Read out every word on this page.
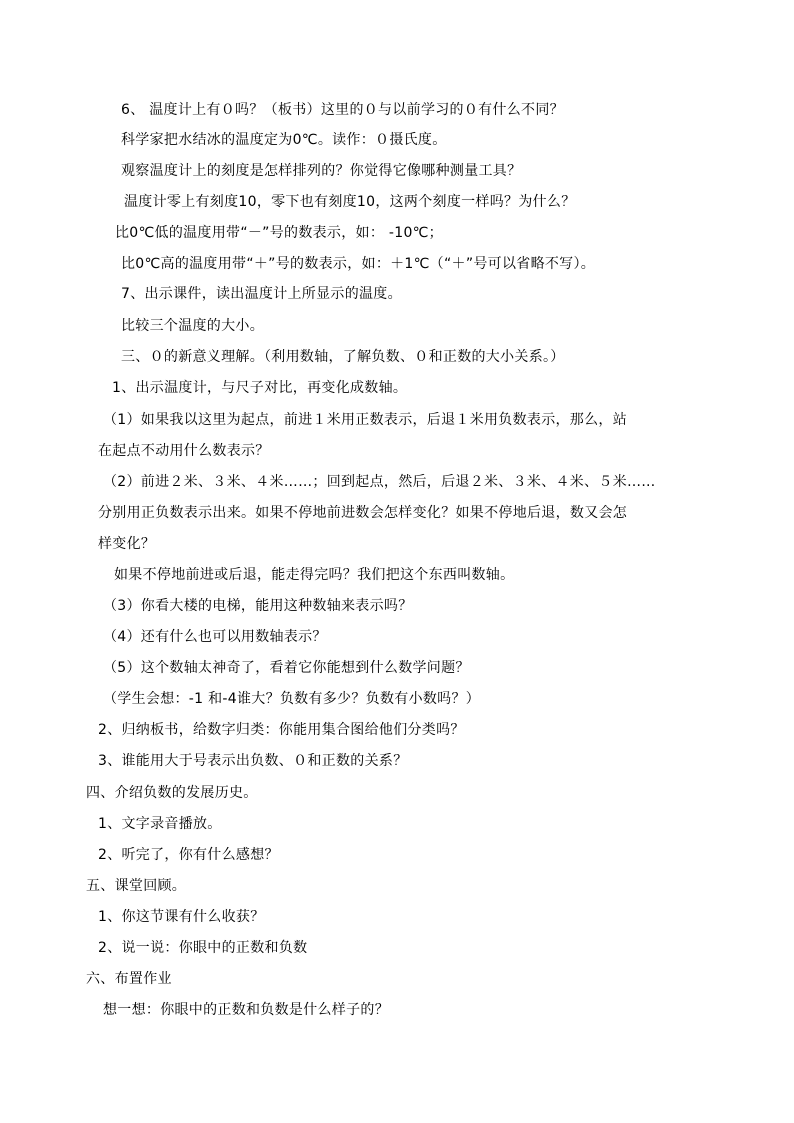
6、 温度计上有０吗？（板书）这里的０与以前学习的０有什么不同？
科学家把水结冰的温度定为0℃。读作：０摄氏度。
观察温度计上的刻度是怎样排列的？你觉得它像哪种测量工具？
温度计零上有刻度10，零下也有刻度10，这两个刻度一样吗？为什么？
比0℃低的温度用带“－”号的数表示，如： -10℃；
比0℃高的温度用带“＋”号的数表示，如：＋1℃（“＋”号可以省略不写）。
7、出示课件，读出温度计上所显示的温度。
比较三个温度的大小。
三、０的新意义理解。（利用数轴，了解负数、０和正数的大小关系。）
1、出示温度计，与尺子对比，再变化成数轴。
（1）如果我以这里为起点，前进１米用正数表示，后退１米用负数表示，那么，站
在起点不动用什么数表示？
（2）前进２米、３米、４米……；回到起点，然后，后退２米、３米、４米、５米……
分别用正负数表示出来。如果不停地前进数会怎样变化？如果不停地后退，数又会怎
样变化？
如果不停地前进或后退，能走得完吗？我们把这个东西叫数轴。
（3）你看大楼的电梯，能用这种数轴来表示吗？
（4）还有什么也可以用数轴表示？
（5）这个数轴太神奇了，看着它你能想到什么数学问题？
（学生会想：-1 和-4谁大？负数有多少？负数有小数吗？）
2、归纳板书，给数字归类：你能用集合图给他们分类吗？
3、谁能用大于号表示出负数、０和正数的关系？
四、介绍负数的发展历史。
1、文字录音播放。
2、听完了，你有什么感想？
五、课堂回顾。
1、你这节课有什么收获？
2、说一说：你眼中的正数和负数
六、布置作业
想一想：你眼中的正数和负数是什么样子的？
